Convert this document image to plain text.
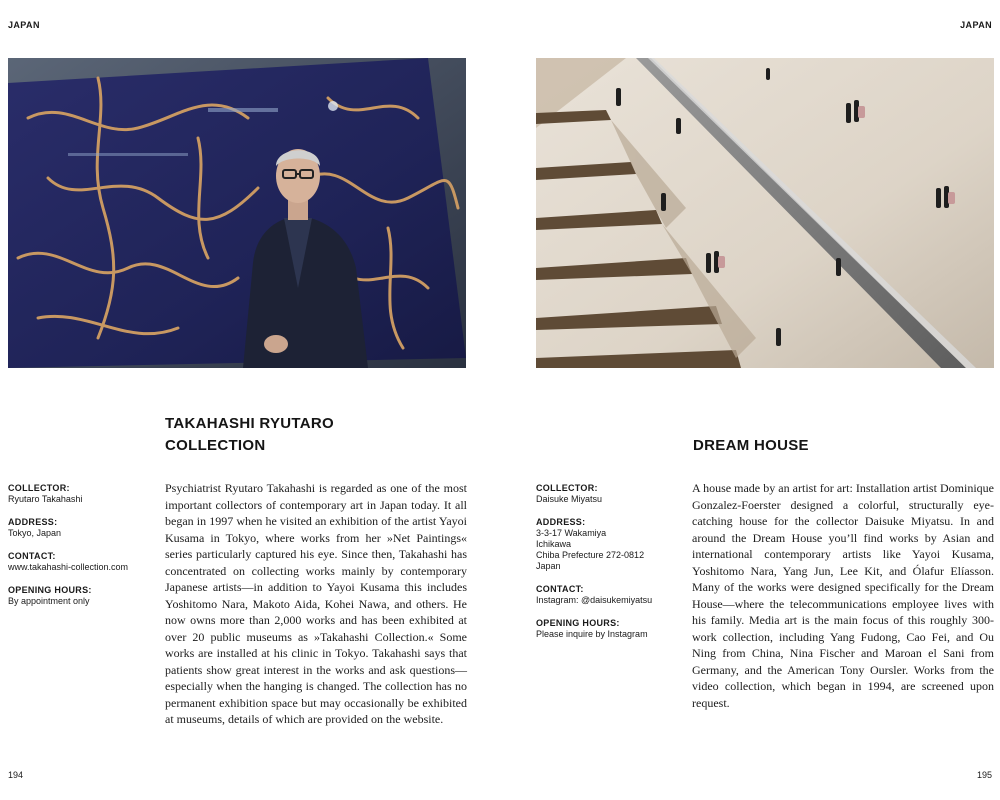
JAPAN
TAKAHASHI RYUTARO
COLLECTION
COLLECTOR:
Ryutaro Takahashi
ADDRESS:
Tokyo, Japan
CONTACT:
www.takahashi-collection.com
OPENING HOURS:
By appointment only
Psychiatrist Ryutaro Takahashi is regarded as one of the most important collectors of contemporary art in Japan today. It all began in 1997 when he visited an exhibition of the artist Yayoi Kusama in Tokyo, where works from her »Net Paintings« series particularly captured his eye. Since then, Takahashi has concentrated on collecting works mainly by contemporary Japanese artists—in addition to Yayoi Kusama this includes Yoshitomo Nara, Makoto Aida, Kohei Nawa, and others. He now owns more than 2,000 works and has been exhibited at over 20 public museums as »Takahashi Collection.« Some works are installed at his clinic in Tokyo. Takahashi says that patients show great interest in the works and ask questions—especially when the hanging is changed. The collection has no permanent exhibition space but may occasionally be exhibited at museums, details of which are provided on the website.
194
JAPAN
DREAM HOUSE
COLLECTOR:
Daisuke Miyatsu
ADDRESS:
3-3-17 Wakamiya
Ichikawa
Chiba Prefecture 272-0812
Japan
CONTACT:
Instagram: @daisukemiyatsu
OPENING HOURS:
Please inquire by Instagram
A house made by an artist for art: Installation artist Dominique Gonzalez-Foerster designed a colorful, structurally eye-catching house for the collector Daisuke Miyatsu. In and around the Dream House you’ll find works by Asian and international contemporary artists like Yayoi Kusama, Yoshitomo Nara, Yang Jun, Lee Kit, and Ólafur Elíasson. Many of the works were designed specifically for the Dream House—where the telecommunications employee lives with his family. Media art is the main focus of this roughly 300-work collection, including Yang Fudong, Cao Fei, and Ou Ning from China, Nina Fischer and Maroan el Sani from Germany, and the American Tony Oursler. Works from the video collection, which began in 1994, are screened upon request.
195
